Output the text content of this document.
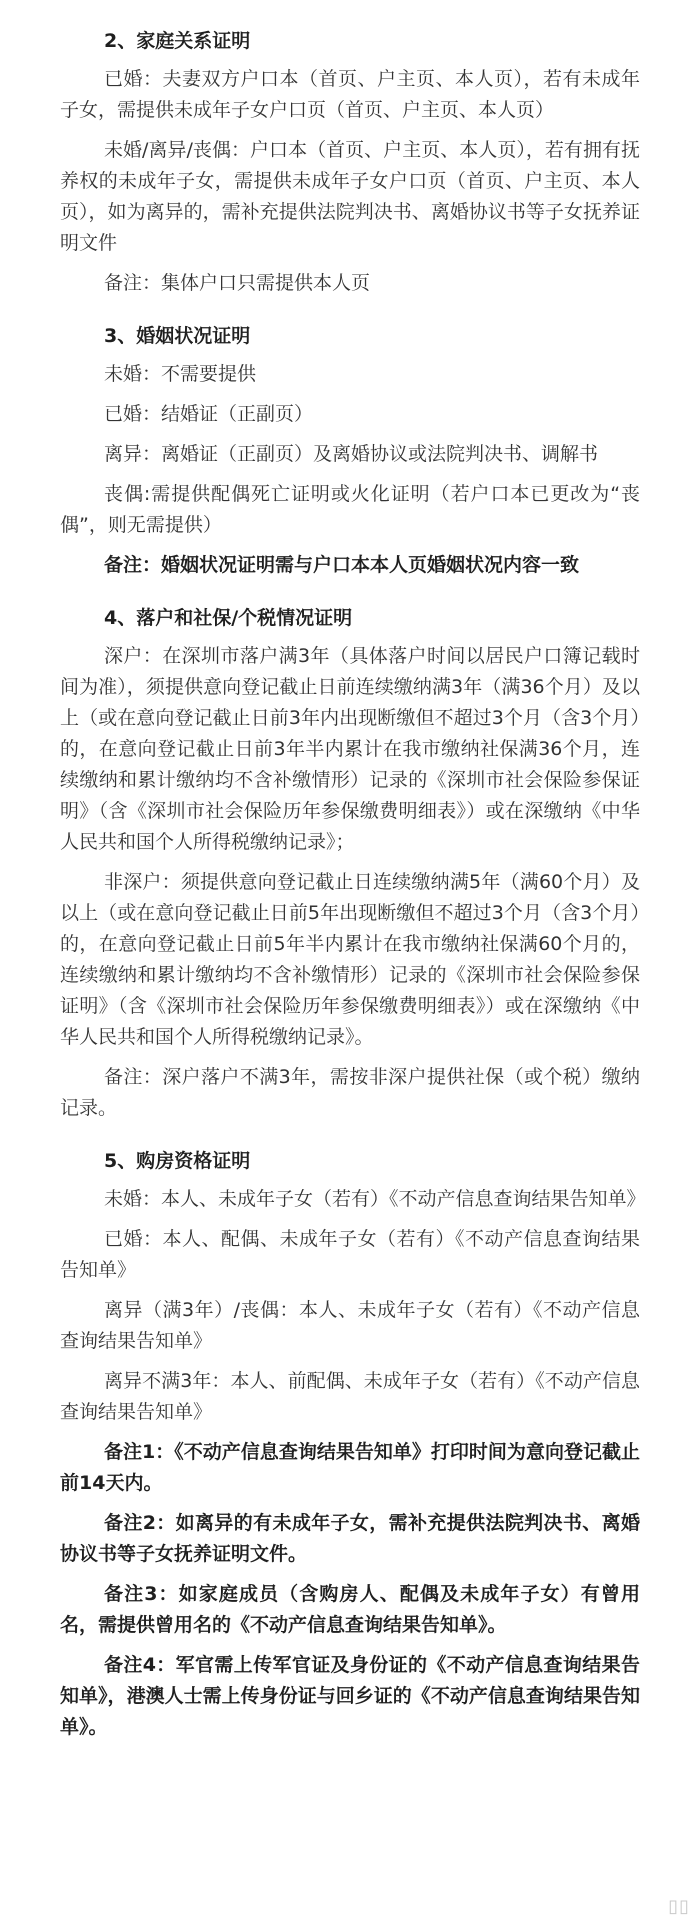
2、家庭关系证明

已婚：夫妻双方户口本（首页、户主页、本人页），若有未成年子女，需提供未成年子女户口页（首页、户主页、本人页）

未婚/离异/丧偶：户口本（首页、户主页、本人页），若有拥有抚养权的未成年子女，需提供未成年子女户口页（首页、户主页、本人页），如为离异的，需补充提供法院判决书、离婚协议书等子女抚养证明文件

备注：集体户口只需提供本人页

3、婚姻状况证明

未婚：不需要提供

已婚：结婚证（正副页）

离异：离婚证（正副页）及离婚协议或法院判决书、调解书

丧偶:需提供配偶死亡证明或火化证明（若户口本已更改为“丧偶”，则无需提供）

备注：婚姻状况证明需与户口本本人页婚姻状况内容一致

4、落户和社保/个税情况证明

深户：在深圳市落户满3年（具体落户时间以居民户口簿记载时间为准），须提供意向登记截止日前连续缴纳满3年（满36个月）及以上（或在意向登记截止日前3年内出现断缴但不超过3个月（含3个月）的，在意向登记截止日前3年半内累计在我市缴纳社保满36个月，连续缴纳和累计缴纳均不含补缴情形）记录的《深圳市社会保险参保证明》（含《深圳市社会保险历年参保缴费明细表》）或在深缴纳《中华人民共和国个人所得税缴纳记录》；

非深户：须提供意向登记截止日连续缴纳满5年（满60个月）及以上（或在意向登记截止日前5年出现断缴但不超过3个月（含3个月）的，在意向登记截止日前5年半内累计在我市缴纳社保满60个月的，连续缴纳和累计缴纳均不含补缴情形）记录的《深圳市社会保险参保证明》（含《深圳市社会保险历年参保缴费明细表》）或在深缴纳《中华人民共和国个人所得税缴纳记录》。

备注：深户落户不满3年，需按非深户提供社保（或个税）缴纳记录。

5、购房资格证明

未婚：本人、未成年子女（若有）《不动产信息查询结果告知单》

已婚：本人、配偶、未成年子女（若有）《不动产信息查询结果告知单》

离异（满3年）/丧偶：本人、未成年子女（若有）《不动产信息查询结果告知单》

离异不满3年：本人、前配偶、未成年子女（若有）《不动产信息查询结果告知单》

备注1：《不动产信息查询结果告知单》打印时间为意向登记截止前14天内。

备注2：如离异的有未成年子女，需补充提供法院判决书、离婚协议书等子女抚养证明文件。

备注3：如家庭成员（含购房人、配偶及未成年子女）有曾用名，需提供曾用名的《不动产信息查询结果告知单》。

备注4：军官需上传军官证及身份证的《不动产信息查询结果告知单》，港澳人士需上传身份证与回乡证的《不动产信息查询结果告知单》。

▯▯
